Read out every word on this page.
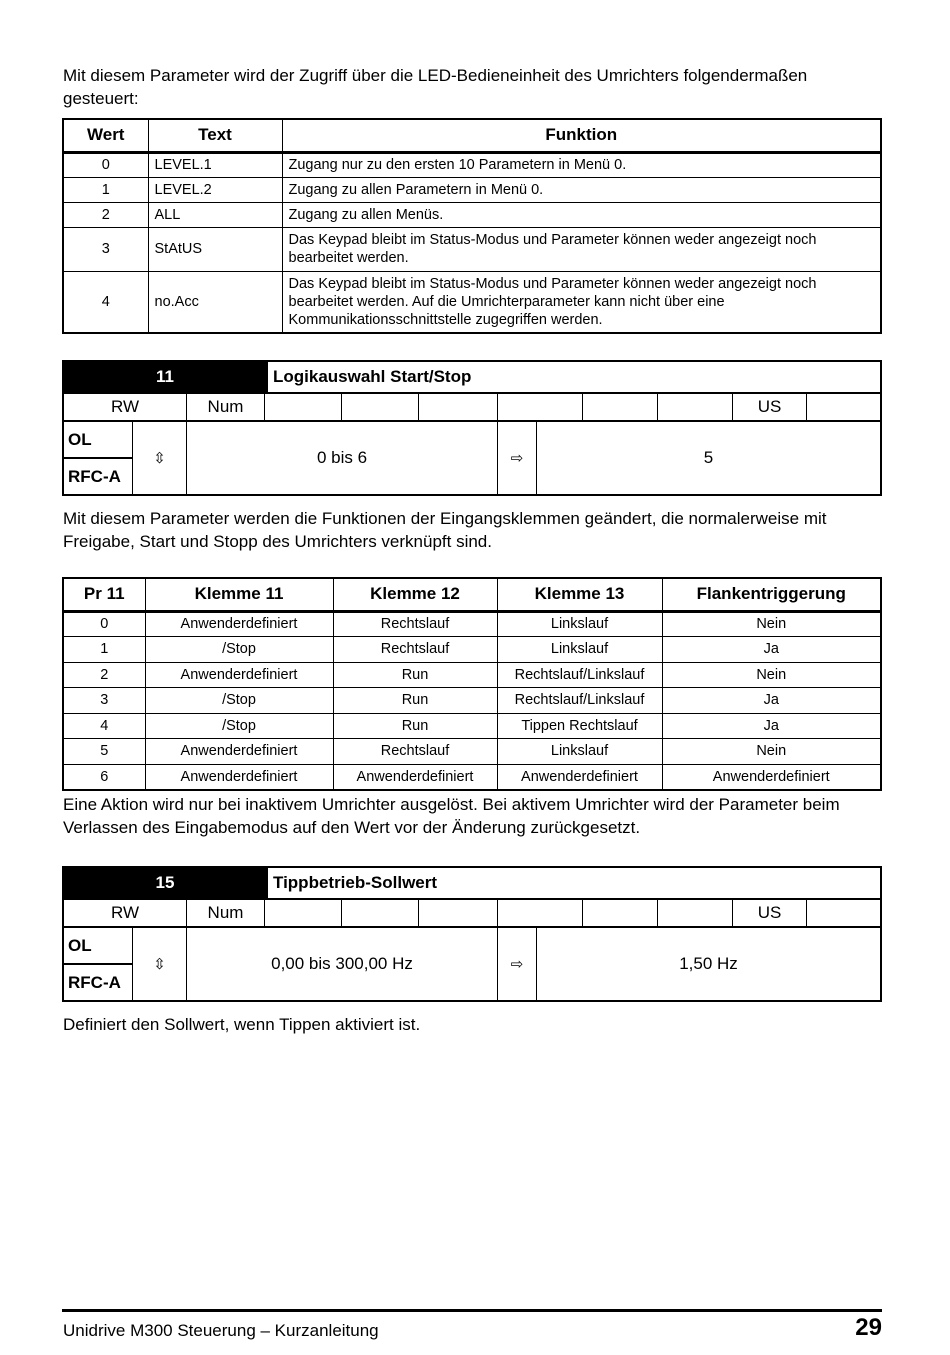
Mit diesem Parameter wird der Zugriff über die LED-Bedieneinheit des Umrichters folgendermaßen gesteuert:

Wert	Text	Funktion
0	LEVEL.1	Zugang nur zu den ersten 10 Parametern in Menü 0.
1	LEVEL.2	Zugang zu allen Parametern in Menü 0.
2	ALL	Zugang zu allen Menüs.
3	StAtUS	Das Keypad bleibt im Status-Modus und Parameter können weder angezeigt noch bearbeitet werden.
4	no.Acc	Das Keypad bleibt im Status-Modus und Parameter können weder angezeigt noch bearbeitet werden. Auf die Umrichterparameter kann nicht über eine Kommunikationsschnittstelle zugegriffen werden.
11	Logikauswahl Start/Stop
RW	Num	US
OL
RFC-A
⇳	0 bis 6	⇨	5

Mit diesem Parameter werden die Funktionen der Eingangsklemmen geändert, die normalerweise mit Freigabe, Start und Stopp des Umrichters verknüpft sind.

Pr 11	Klemme 11	Klemme 12	Klemme 13	Flankentriggerung
0	Anwenderdefiniert	Rechtslauf	Linkslauf	Nein
1	/Stop	Rechtslauf	Linkslauf	Ja
2	Anwenderdefiniert	Run	Rechtslauf/Linkslauf	Nein
3	/Stop	Run	Rechtslauf/Linkslauf	Ja
4	/Stop	Run	Tippen Rechtslauf	Ja
5	Anwenderdefiniert	Rechtslauf	Linkslauf	Nein
6	Anwenderdefiniert	Anwenderdefiniert	Anwenderdefiniert	Anwenderdefiniert

Eine Aktion wird nur bei inaktivem Umrichter ausgelöst. Bei aktivem Umrichter wird der Parameter beim Verlassen des Eingabemodus auf den Wert vor der Änderung zurückgesetzt.

15	Tippbetrieb-Sollwert
RW	Num	US
OL
RFC-A
⇳	0,00 bis 300,00 Hz	⇨	1,50 Hz

Definiert den Sollwert, wenn Tippen aktiviert ist.

Unidrive M300 Steuerung – Kurzanleitung	29
